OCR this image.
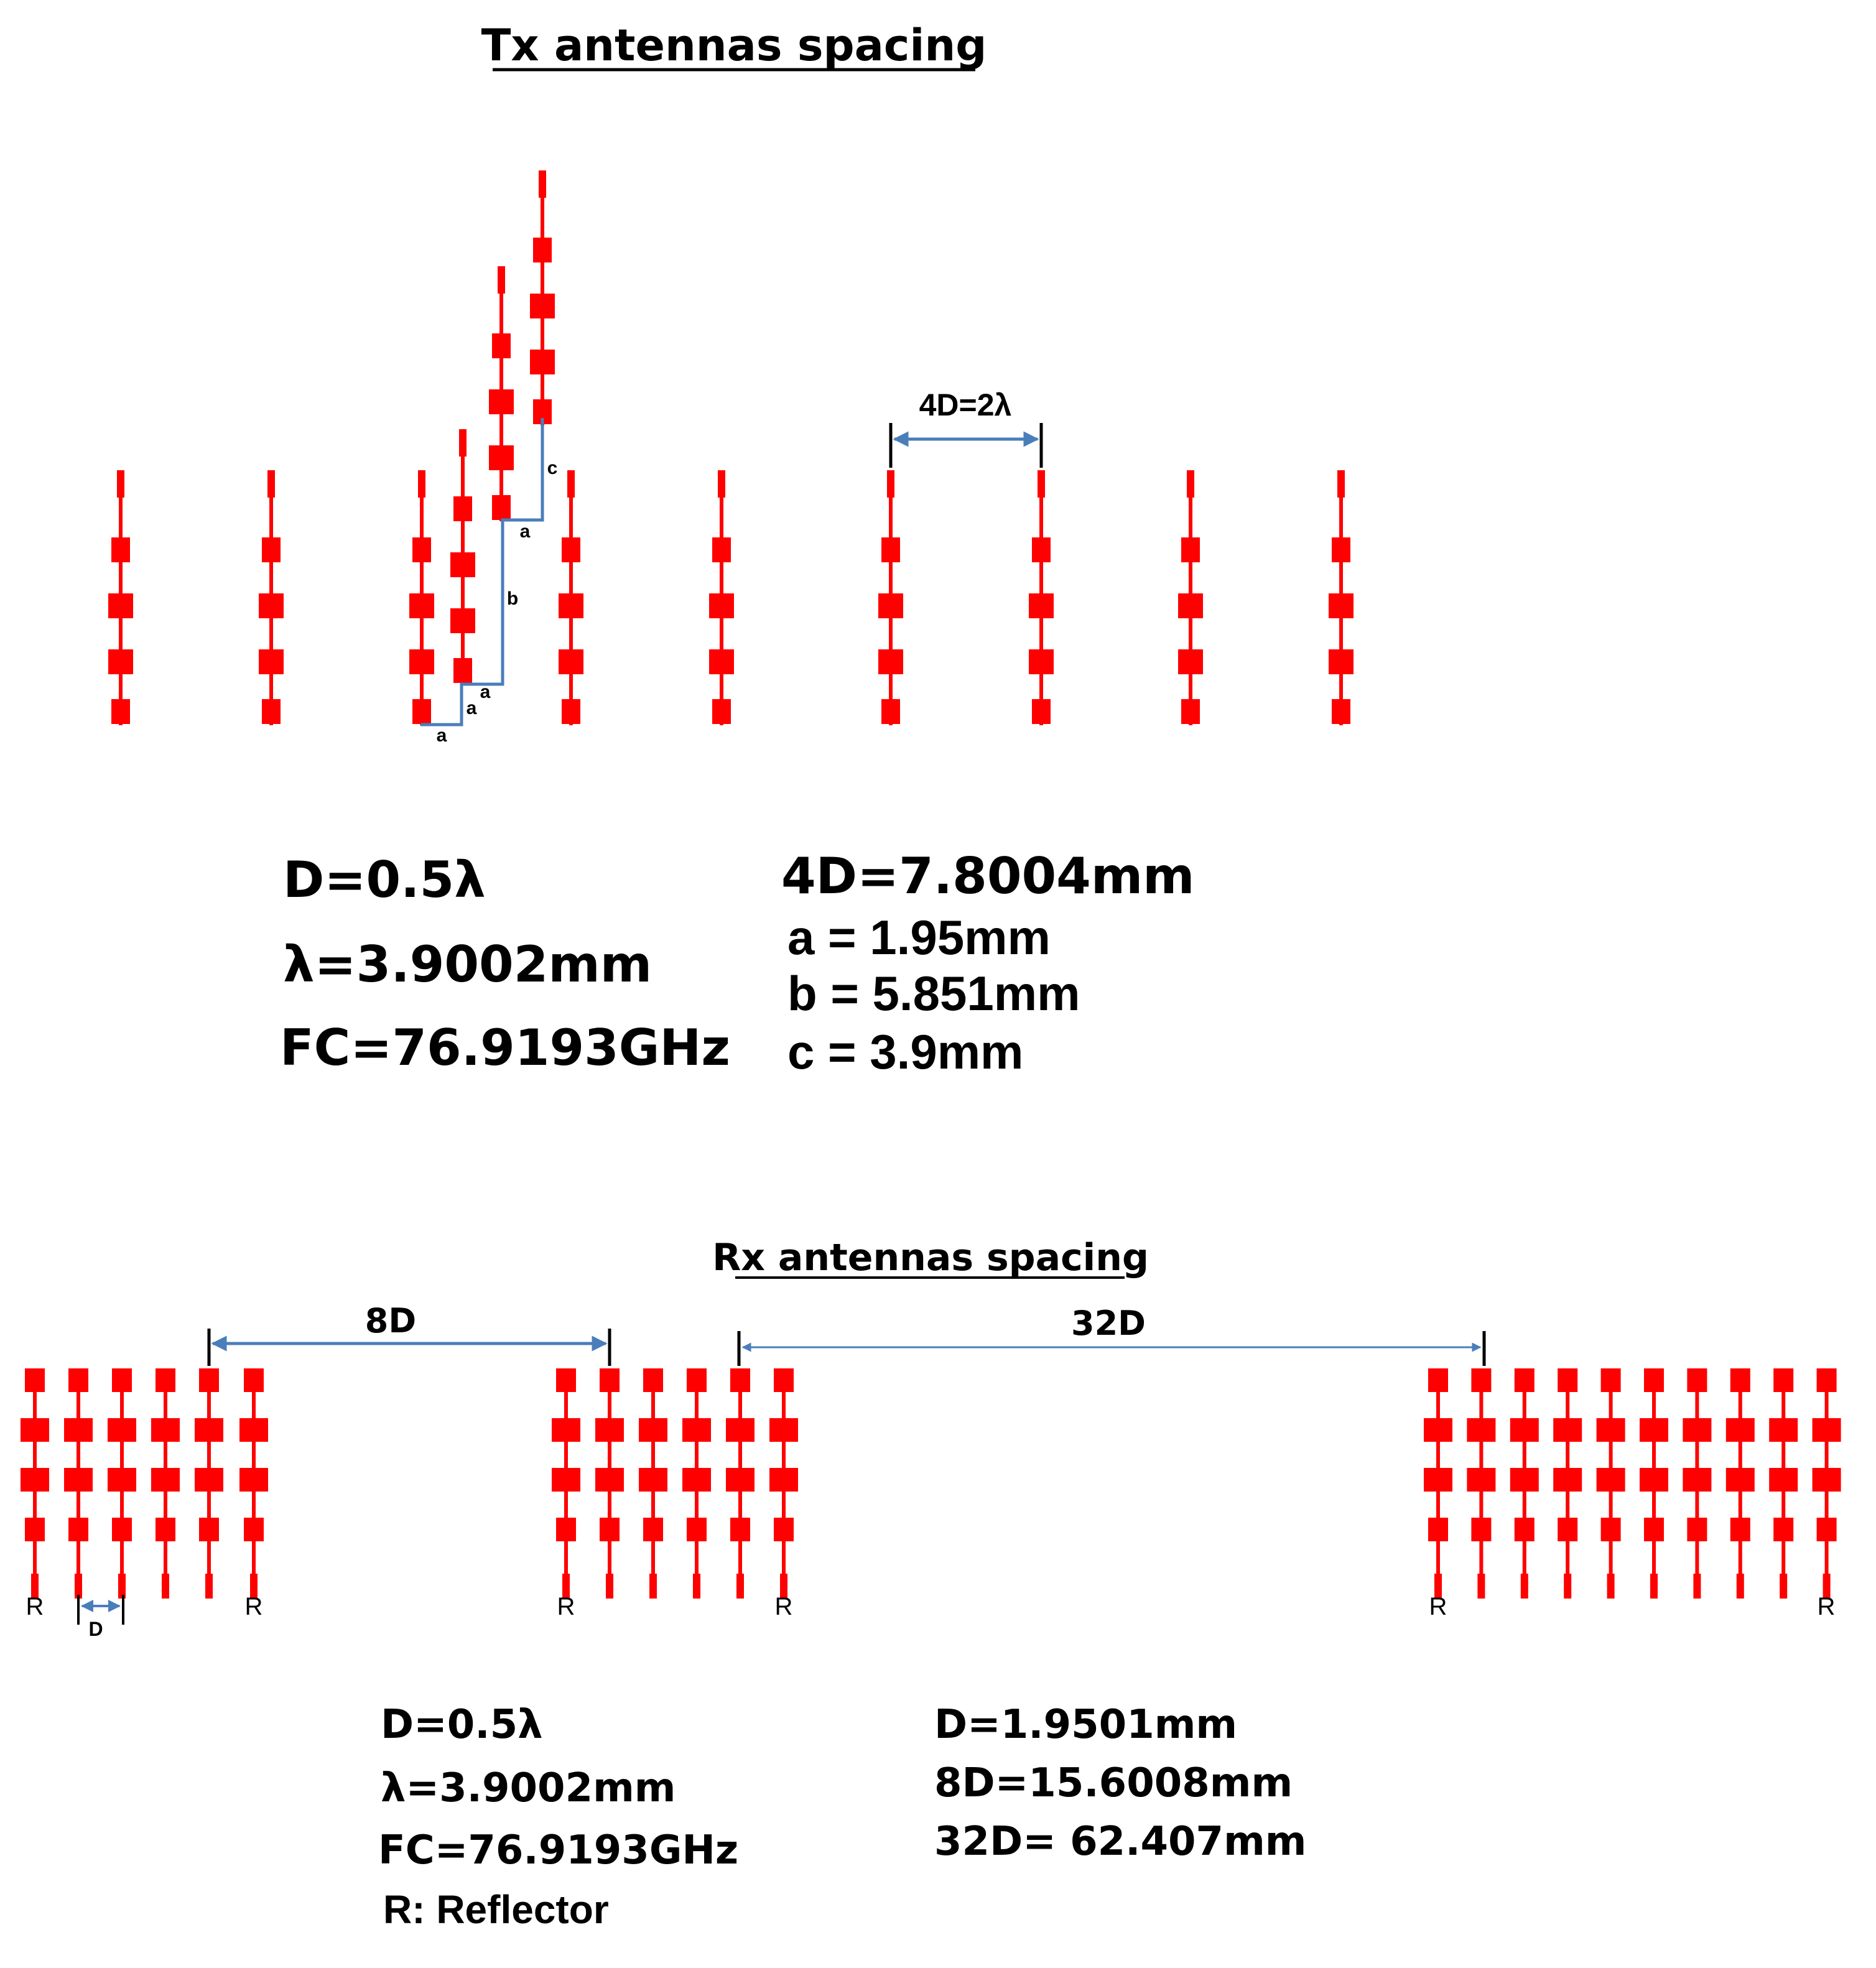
Tx antennas spacing
a
a
a
b
a
c
4D=2λ
D=0.5λ
λ=3.9002mm
FC=76.9193GHz
4D=7.8004mm
a = 1.95mm
b = 5.851mm
c = 3.9mm
Rx antennas spacing
8D	32D
D
R	R	R	R	R	R
D=0.5λ
λ=3.9002mm
FC=76.9193GHz
R: Reflector
D=1.9501mm
8D=15.6008mm
32D= 62.407mm
